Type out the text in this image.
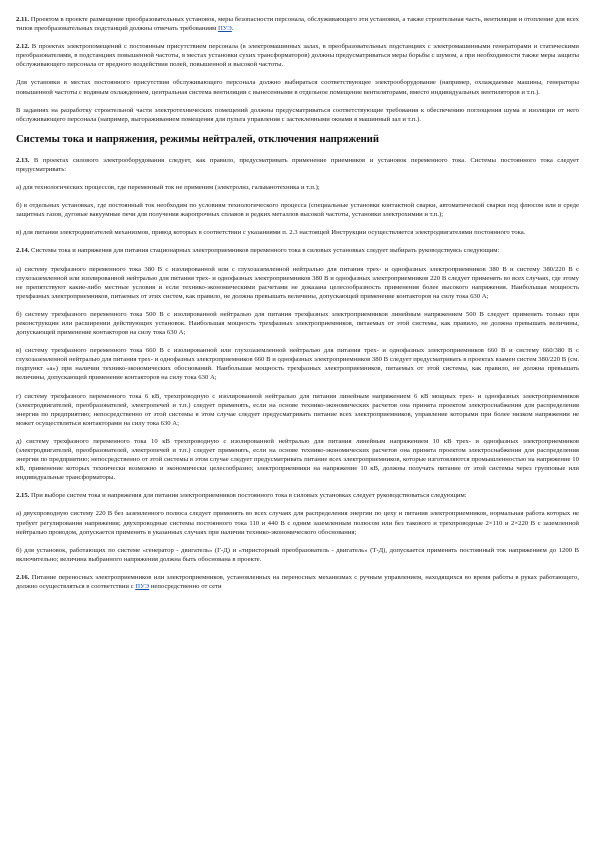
2.11. Проектом в проекте размещение преобразовательных установок, меры безопасности персонала, обслуживающего эти установки, а также строительная часть, вентиляция и отопление для всех типов преобразовательных подстанций должны отвечать требованиям ПУЭ.

2.12. В проектах электропомещений с постоянным присутствием персонала (в электромашинных залах, в преобразовательных подстанциях с электромашинными генераторами и статическими преобразователями, в подстанциях повышенной частоты, в местах установки сухих трансформаторов) должны предусматриваться меры борьбы с шумом, а при необходимости также меры защиты обслуживающего персонала от вредного воздействия полей, повышенной и высокой частоты.

Для установки в местах постоянного присутствия обслуживающего персонала должно выбираться соответствующее электрооборудование (например, охлаждаемые машины, генераторы повышенной частоты с водяным охлаждением, центральная система вентиляции с вынесенными в отдельное помещение вентиляторами, вместо индивидуальных вентиляторов и т.п.).

В заданиях на разработку строительной части электротехнических помещений должны предусматриваться соответствующие требования к обеспечению поглощения шума и изоляции от него обслуживающего персонала (например, выгораживанием помещения для пульта управления с застекленными окнами в машинный зал и т.п.).

Системы тока и напряжения, режимы нейтралей, отключения напряжений

2.13. В проектах силового электрооборудования следует, как правило, предусматривать применение приемников и установок переменного тока. Системы постоянного тока следует предусматривать:

а) для технологических процессов, где переменный ток не применим (электролиз, гальванотехника и т.п.);

б) в отдельных установках, где постоянный ток необходим по условиям технологического процесса (специальные установки контактной сварки, автоматической сварки под флюсом или в среде защитных газов, дуговые вакуумные печи для получения жаропрочных сплавов и редких металлов высокой частоты, установки электрохимии и т.п.);

в) для питания электродвигателей механизмов, привод которых в соответствии с указаниями п. 2.3 настоящей Инструкции осуществляется электродвигателями постоянного тока.

2.14. Системы тока и напряжения для питания стационарных электроприемников переменного тока в силовых установках следует выбирать руководствуясь следующим:

а) систему трехфазного переменного тока 380 В с изолированной или с глухозаземленной нейтралью для питания трех- и однофазных электроприемников 380 В и систему 380/220 В с глухозаземленной или изолированной нейтралью для питания трех- и однофазных электроприемников 380 В и однофазных электроприемников 220 В следует применять во всех случаях, где этому не препятствуют какие-либо местные условия и если технико-экономическими расчетами не доказана целесообразность применения более высокого напряжения. Наибольшая мощность трехфазных электроприемников, питаемых от этих систем, как правило, не должна превышать величины, допускающей применение контакторов на силу тока 630 А;

б) систему трехфазного переменного тока 500 В с изолированной нейтралью для питания трехфазных электроприемников линейным напряжением 500 В следует применять только при реконструкции или расширении действующих установок. Наибольшая мощность трехфазных электроприемников, питаемых от этой системы, как правило, не должна превышать величины, допускающей применение контакторов на силу тока 630 А;

в) систему трехфазного переменного тока 660 В с изолированной или глухозаземленной нейтралью для питания трех- и однофазных электроприемников 660 В и систему 660/380 В с глухозаземленной нейтралью для питания трех- и однофазных электроприемников 660 В и однофазных электроприемников 380 В следует предусматривать в проектах взамен систем 380/220 В (см. подпункт «а») при наличии технико-экономических обоснований. Наибольшая мощность трехфазных электроприемников, питаемых от этой системы, как правило, не должна превышать величины, допускающей применение контакторов на силу тока 630 А;

г) систему трехфазного переменного тока 6 кВ, трехпроводную с изолированной нейтралью для питания линейным напряжением 6 кВ мощных трех- и однофазных электроприемников (электродвигателей, преобразователей, электропечей и т.п.) следует применять, если на основе технико-экономических расчетов она принята проектом электроснабжения для распределения энергии по предприятию; непосредственно от этой системы в этом случае следует предусматривать питание всех электроприемников, управление которыми при более низком напряжении не может осуществляться контакторами на силу тока 630 А;

д) систему трехфазного переменного тока 10 кВ трехпроводную с изолированной нейтралью для питания линейным напряжением 10 кВ трех- и однофазных электроприемников (электродвигателей, преобразователей, электропечей и т.п.) следует применять, если на основе технико-экономических расчетов она принята проектом электроснабжения для распределения энергии по предприятию; непосредственно от этой системы в этом случае следует предусматривать питание всех электроприемников, которые изготовляются промышленностью на напряжение 10 кВ, применение которых технически возможно и экономически целесообразно; электроприемники на напряжение 10 кВ, должны получать питание от этой системы через групповые или индивидуальные трансформаторы.

2.15. При выборе систем тока и напряжения для питания электроприемников постоянного тока в силовых установках следует руководствоваться следующим:

а) двухпроводную систему 220 В без заземленного полюса следует применять во всех случаях для распределения энергии по цеху и питания электроприемников, нормальная работа которых не требует регулирования напряжения; двухпроводные системы постоянного тока 110 и 440 В с одним заземленным полюсом или без такового и трехпроводные 2×110 и 2×220 В с заземленной нейтралью проводом, допускается применять в указанных случаях при наличии технико-экономического обоснования;

б) для установок, работающих по системе «генератор - двигатель» (Г-Д) и «тиристорный преобразователь - двигатель» (Т-Д), допускается применять постоянный ток напряжением до 1200 В включительно; величина выбранного напряжения должна быть обоснована в проекте.

2.16. Питание переносных электроприемников или электроприемников, установленных на переносных механизмах с ручным управлением, находящихся во время работы в руках работающего, должно осуществляться в соответствии с ПУЭ непосредственно от сети
